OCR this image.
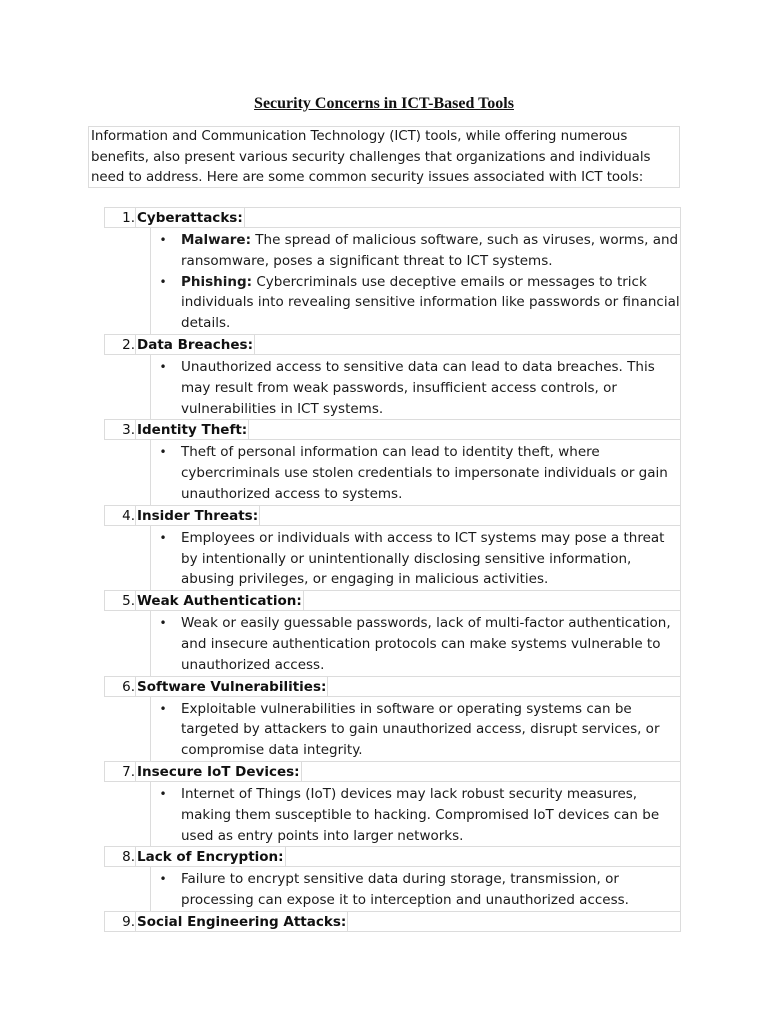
Security Concerns in ICT-Based Tools
Information and Communication Technology (ICT) tools, while offering numerous benefits, also present various security challenges that organizations and individuals need to address. Here are some common security issues associated with ICT tools:
1. Cyberattacks:
• Malware: The spread of malicious software, such as viruses, worms, and ransomware, poses a significant threat to ICT systems.
• Phishing: Cybercriminals use deceptive emails or messages to trick individuals into revealing sensitive information like passwords or financial details.
2. Data Breaches:
• Unauthorized access to sensitive data can lead to data breaches. This may result from weak passwords, insufficient access controls, or vulnerabilities in ICT systems.
3. Identity Theft:
• Theft of personal information can lead to identity theft, where cybercriminals use stolen credentials to impersonate individuals or gain unauthorized access to systems.
4. Insider Threats:
• Employees or individuals with access to ICT systems may pose a threat by intentionally or unintentionally disclosing sensitive information, abusing privileges, or engaging in malicious activities.
5. Weak Authentication:
• Weak or easily guessable passwords, lack of multi-factor authentication, and insecure authentication protocols can make systems vulnerable to unauthorized access.
6. Software Vulnerabilities:
• Exploitable vulnerabilities in software or operating systems can be targeted by attackers to gain unauthorized access, disrupt services, or compromise data integrity.
7. Insecure IoT Devices:
• Internet of Things (IoT) devices may lack robust security measures, making them susceptible to hacking. Compromised IoT devices can be used as entry points into larger networks.
8. Lack of Encryption:
• Failure to encrypt sensitive data during storage, transmission, or processing can expose it to interception and unauthorized access.
9. Social Engineering Attacks:
